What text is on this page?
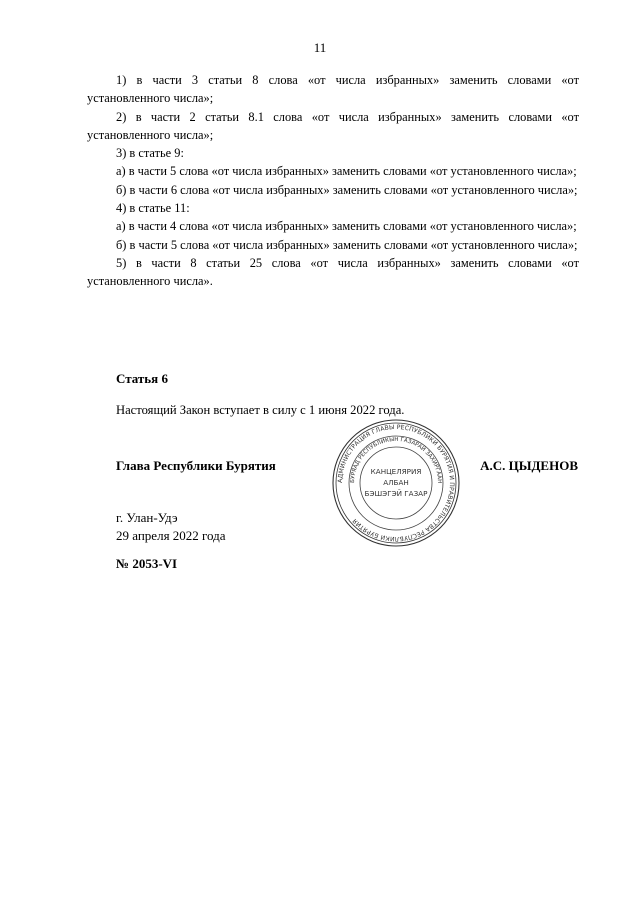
11

1) в части 3 статьи 8 слова «от числа избранных» заменить словами «от установленного числа»;

2) в части 2 статьи 8.1 слова «от числа избранных» заменить словами «от установленного числа»;

3) в статье 9:

а) в части 5 слова «от числа избранных» заменить словами «от установленного числа»;

б) в части 6 слова «от числа избранных» заменить словами «от установленного числа»;

4) в статье 11:

а) в части 4 слова «от числа избранных» заменить словами «от установленного числа»;

б) в части 5 слова «от числа избранных» заменить словами «от установленного числа»;

5) в части 8 статьи 25 слова «от числа избранных» заменить словами «от установленного числа».

Статья 6
Настоящий Закон вступает в силу с 1 июня 2022 года.
Глава Республики Бурятия	А.С. ЦЫДЕНОВ
АДМИНИСТРАЦИЯ ГЛАВЫ РЕСПУБЛИКИ БУРЯТИЯ И ПРАВИТЕЛЬСТВА РЕСПУБЛИКИ БУРЯТИЯ
БУРЯАД РЕСПУБЛИКЫН ГАЗАРАЙ ЗАХИРГААН
КАНЦЕЛЯРИЯ
АЛБАН
БЭШЭГЭЙ ГАЗАР
г. Улан-Удэ
29 апреля 2022 года
№ 2053-VI
